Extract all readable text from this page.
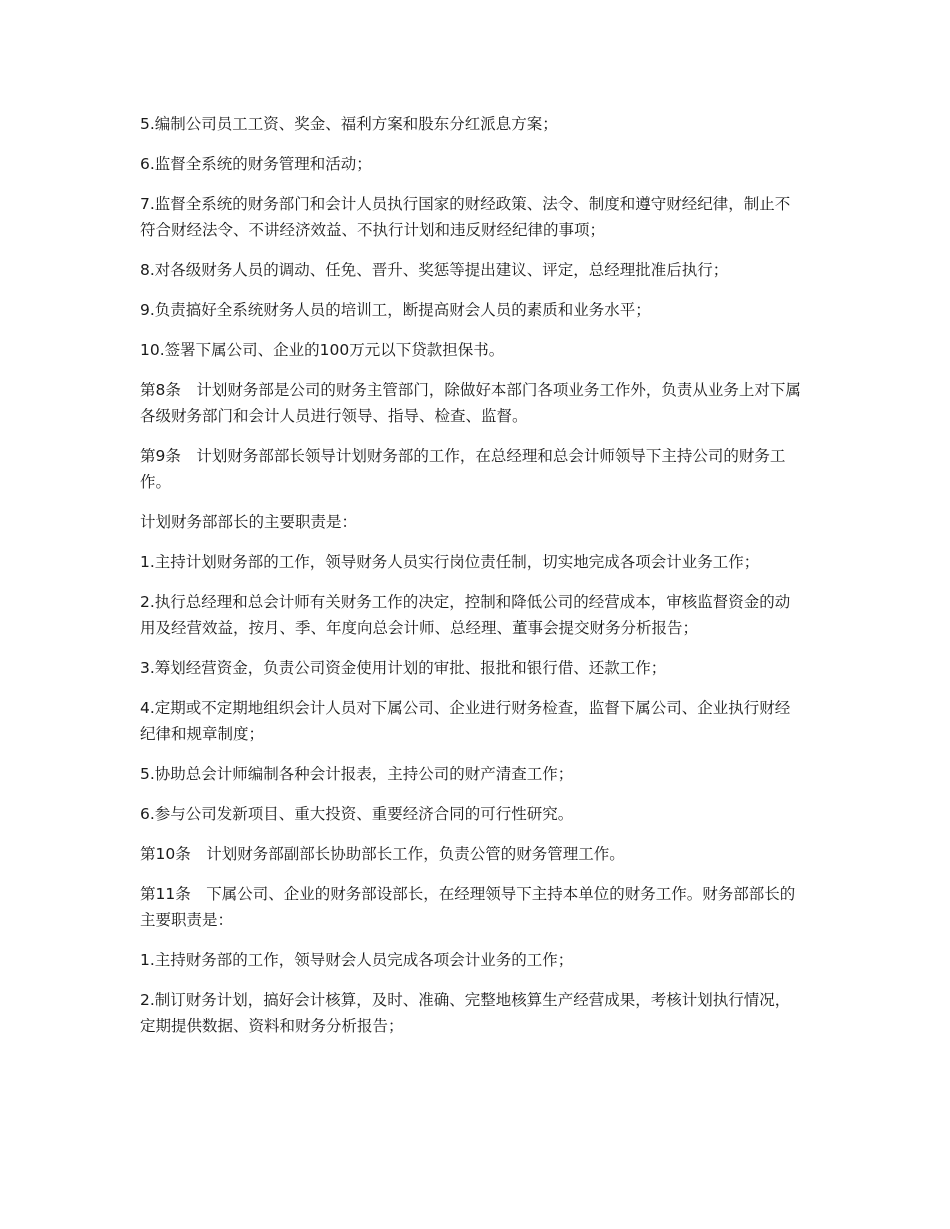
5.编制公司员工工资、奖金、福利方案和股东分红派息方案；

6.监督全系统的财务管理和活动；

7.监督全系统的财务部门和会计人员执行国家的财经政策、法令、制度和遵守财经纪律，制止不符合财经法令、不讲经济效益、不执行计划和违反财经纪律的事项；

8.对各级财务人员的调动、任免、晋升、奖惩等提出建议、评定，总经理批准后执行；

9.负责搞好全系统财务人员的培训工，断提高财会人员的素质和业务水平；

10.签署下属公司、企业的100万元以下贷款担保书。

第8条　计划财务部是公司的财务主管部门，除做好本部门各项业务工作外，负责从业务上对下属各级财务部门和会计人员进行领导、指导、检查、监督。

第9条　计划财务部部长领导计划财务部的工作，在总经理和总会计师领导下主持公司的财务工作。

计划财务部部长的主要职责是：

1.主持计划财务部的工作，领导财务人员实行岗位责任制，切实地完成各项会计业务工作；

2.执行总经理和总会计师有关财务工作的决定，控制和降低公司的经营成本，审核监督资金的动用及经营效益，按月、季、年度向总会计师、总经理、董事会提交财务分析报告；

3.筹划经营资金，负责公司资金使用计划的审批、报批和银行借、还款工作；

4.定期或不定期地组织会计人员对下属公司、企业进行财务检查，监督下属公司、企业执行财经纪律和规章制度；

5.协助总会计师编制各种会计报表，主持公司的财产清查工作；

6.参与公司发新项目、重大投资、重要经济合同的可行性研究。

第10条　计划财务部副部长协助部长工作，负责公管的财务管理工作。

第11条　下属公司、企业的财务部设部长，在经理领导下主持本单位的财务工作。财务部部长的主要职责是：

1.主持财务部的工作，领导财会人员完成各项会计业务的工作；

2.制订财务计划，搞好会计核算，及时、准确、完整地核算生产经营成果，考核计划执行情况，定期提供数据、资料和财务分析报告；
